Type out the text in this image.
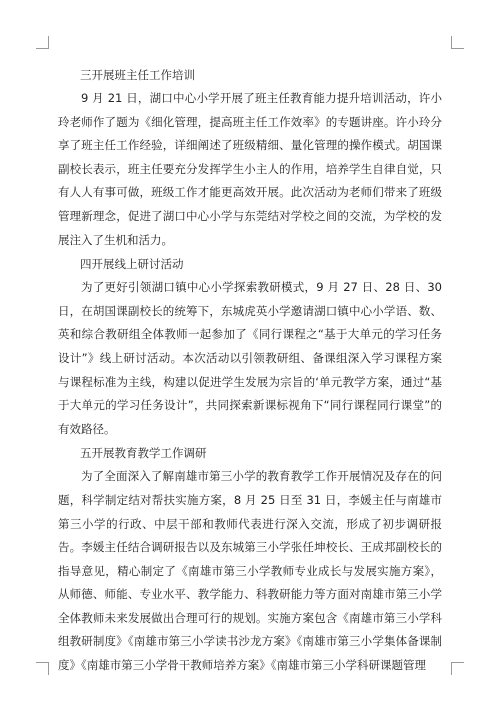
三开展班主任工作培训

9 月 21 日，湖口中心小学开展了班主任教育能力提升培训活动，许小玲老师作了题为《细化管理，提高班主任工作效率》的专题讲座。许小玲分享了班主任工作经验，详细阐述了班级精细、量化管理的操作模式。胡国课副校长表示，班主任要充分发挥学生小主人的作用，培养学生自律自觉，只有人人有事可做，班级工作才能更高效开展。此次活动为老师们带来了班级管理新理念，促进了湖口中心小学与东莞结对学校之间的交流，为学校的发展注入了生机和活力。

四开展线上研讨活动

为了更好引领湖口镇中心小学探索教研模式，9 月 27 日、28 日、30 日，在胡国课副校长的统筹下，东城虎英小学邀请湖口镇中心小学语、数、英和综合教研组全体教师一起参加了《同行课程之“基于大单元的学习任务设计”》线上研讨活动。本次活动以引领教研组、备课组深入学习课程方案与课程标准为主线，构建以促进学生发展为宗旨的‘单元教学方案，通过“基于大单元的学习任务设计”，共同探索新课标视角下“同行课程同行课堂”的有效路径。

五开展教育教学工作调研

为了全面深入了解南雄市第三小学的教育教学工作开展情况及存在的问题，科学制定结对帮扶实施方案，8 月 25 日至 31 日，李媛主任与南雄市第三小学的行政、中层干部和教师代表进行深入交流，形成了初步调研报告。李媛主任结合调研报告以及东城第三小学张任坤校长、王成邦副校长的指导意见，精心制定了《南雄市第三小学教师专业成长与发展实施方案》，从师德、师能、专业水平、教学能力、科教研能力等方面对南雄市第三小学全体教师未来发展做出合理可行的规划。实施方案包含《南雄市第三小学科组教研制度》《南雄市第三小学读书沙龙方案》《南雄市第三小学集体备课制度》《南雄市第三小学骨干教师培养方案》《南雄市第三小学科研课题管理
